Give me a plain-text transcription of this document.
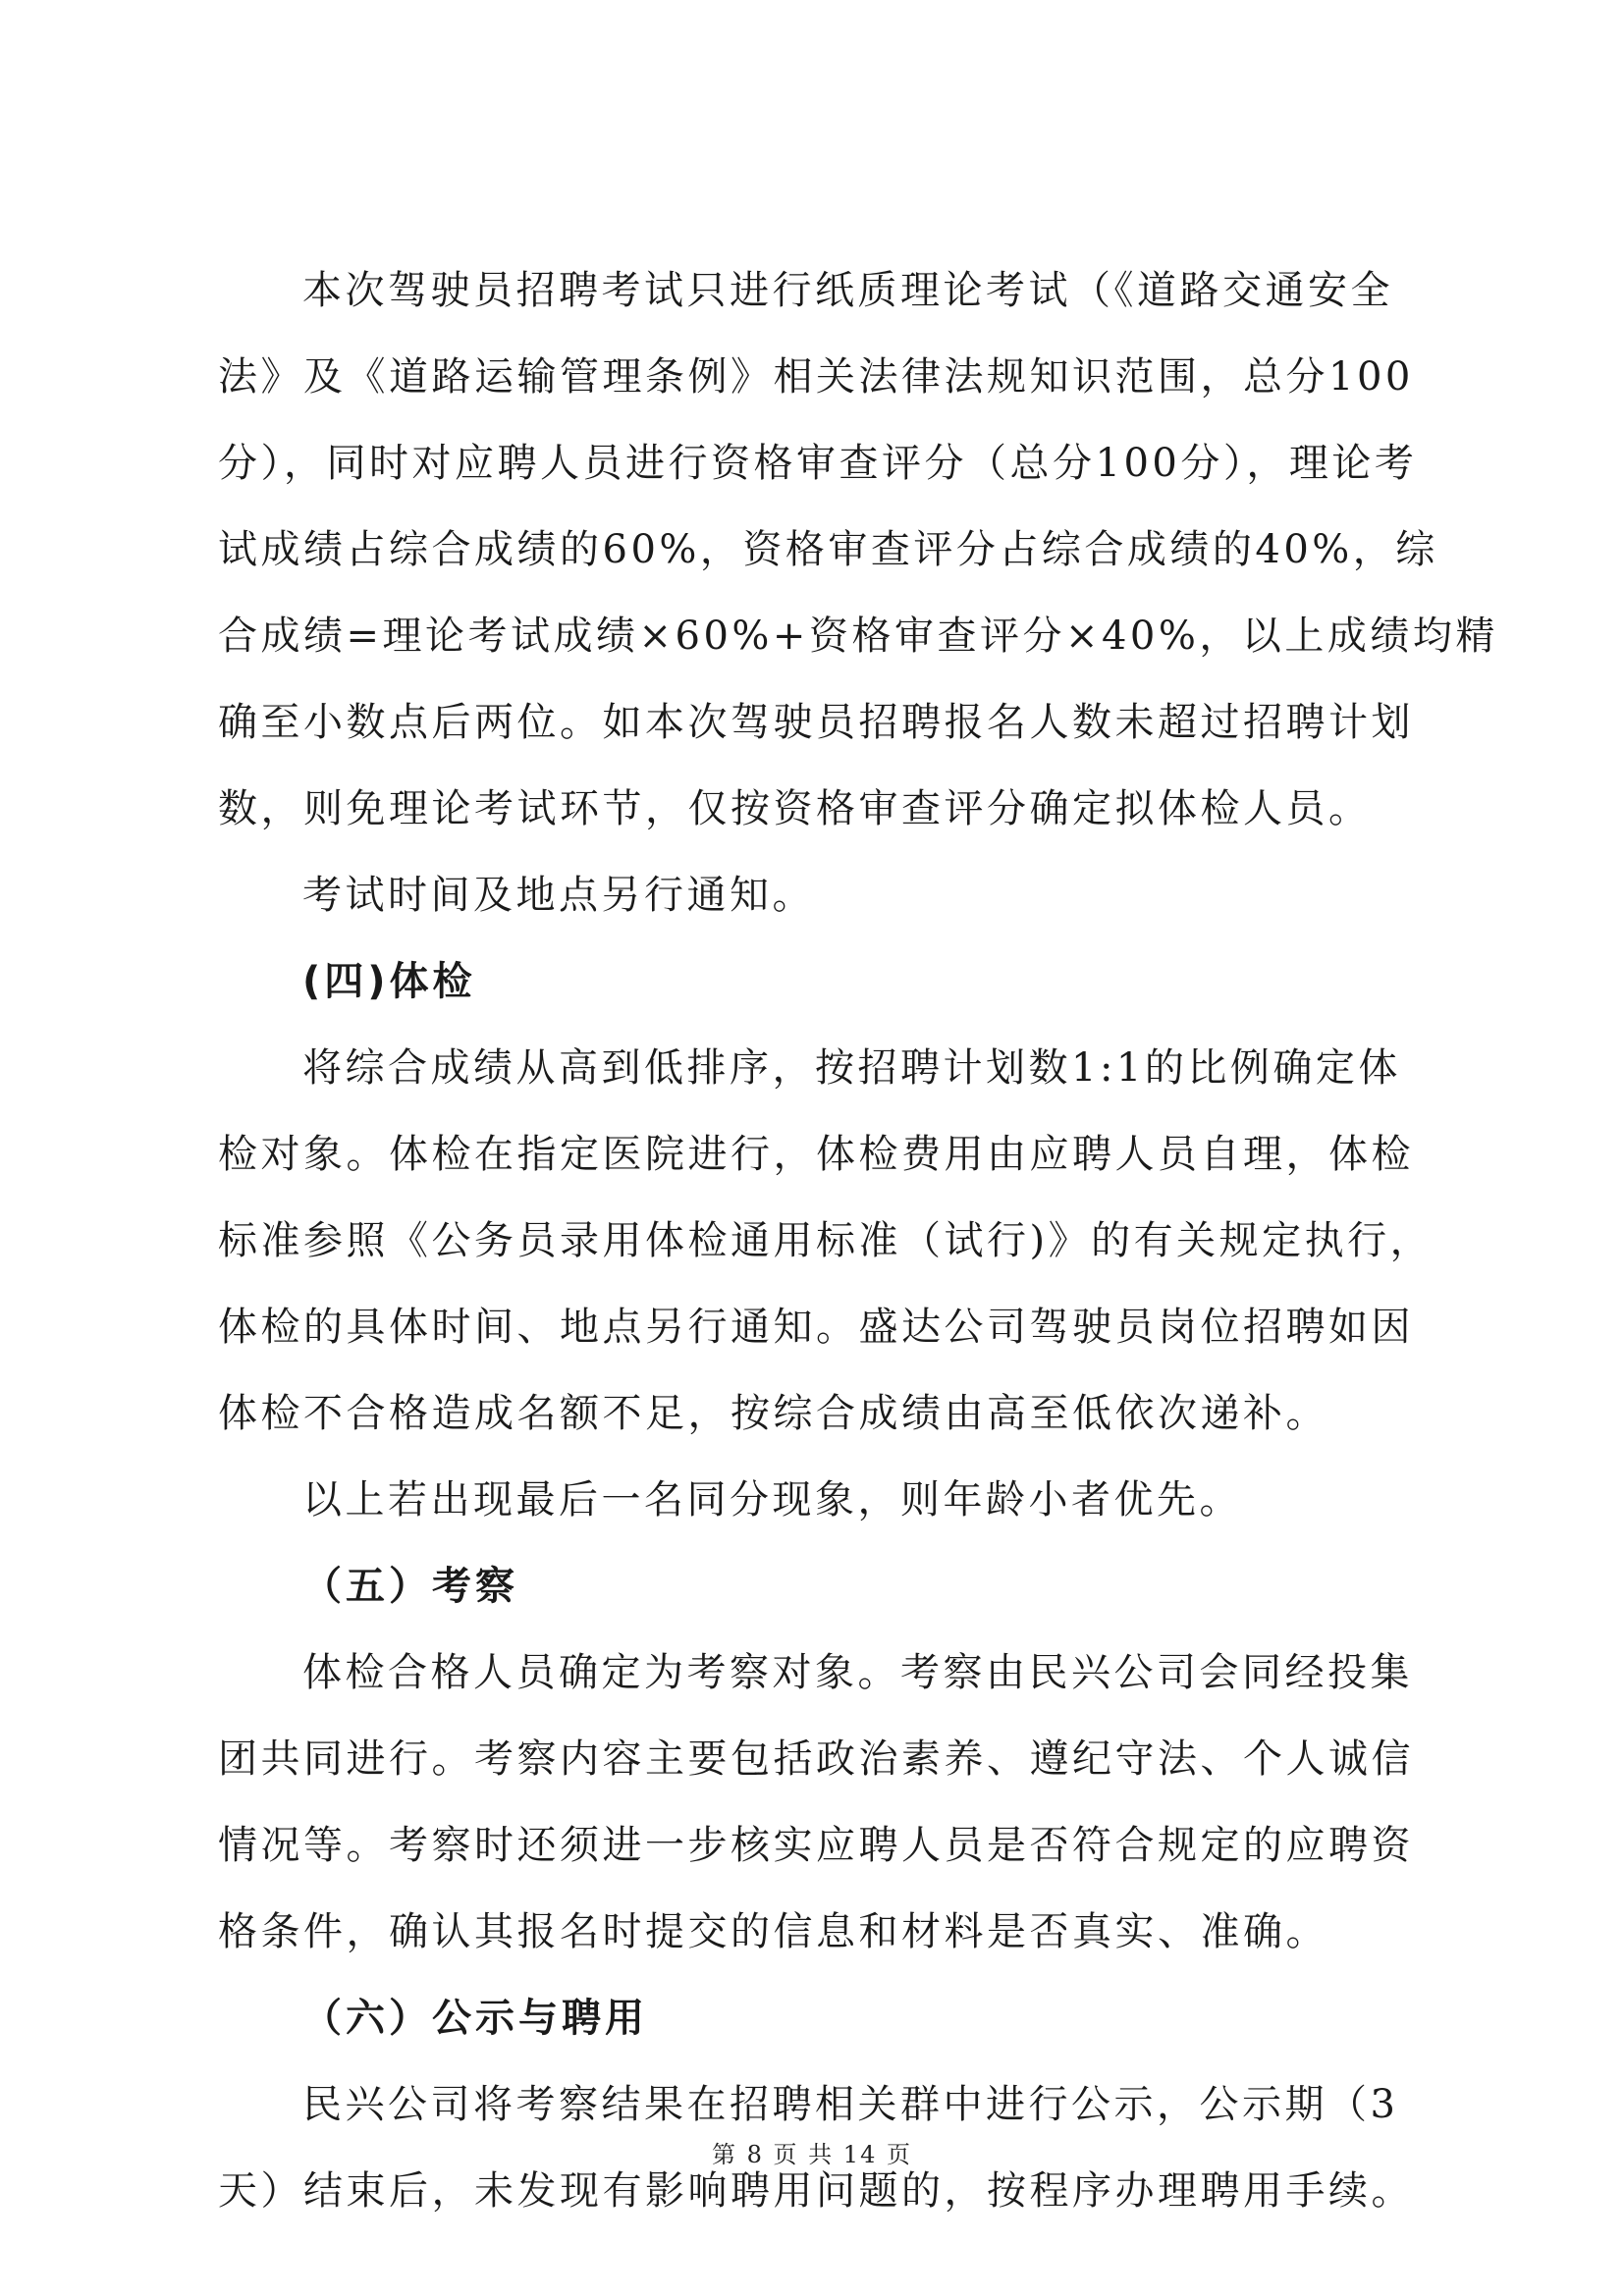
本次驾驶员招聘考试只进行纸质理论考试（《道路交通安全
法》及《道路运输管理条例》相关法律法规知识范围，总分100
分），同时对应聘人员进行资格审查评分（总分100分），理论考
试成绩占综合成绩的60%，资格审查评分占综合成绩的40%，综
合成绩=理论考试成绩×60%+资格审查评分×40%，以上成绩均精
确至小数点后两位。如本次驾驶员招聘报名人数未超过招聘计划
数，则免理论考试环节，仅按资格审查评分确定拟体检人员。
考试时间及地点另行通知。
(四)体检
将综合成绩从高到低排序，按招聘计划数1:1的比例确定体
检对象。体检在指定医院进行，体检费用由应聘人员自理，体检
标准参照《公务员录用体检通用标准（试行)》的有关规定执行，
体检的具体时间、地点另行通知。盛达公司驾驶员岗位招聘如因
体检不合格造成名额不足，按综合成绩由高至低依次递补。
以上若出现最后一名同分现象，则年龄小者优先。
（五）考察
体检合格人员确定为考察对象。考察由民兴公司会同经投集
团共同进行。考察内容主要包括政治素养、遵纪守法、个人诚信
情况等。考察时还须进一步核实应聘人员是否符合规定的应聘资
格条件，确认其报名时提交的信息和材料是否真实、准确。
（六）公示与聘用
民兴公司将考察结果在招聘相关群中进行公示，公示期（3
天）结束后，未发现有影响聘用问题的，按程序办理聘用手续。
第 8 页 共 14 页
